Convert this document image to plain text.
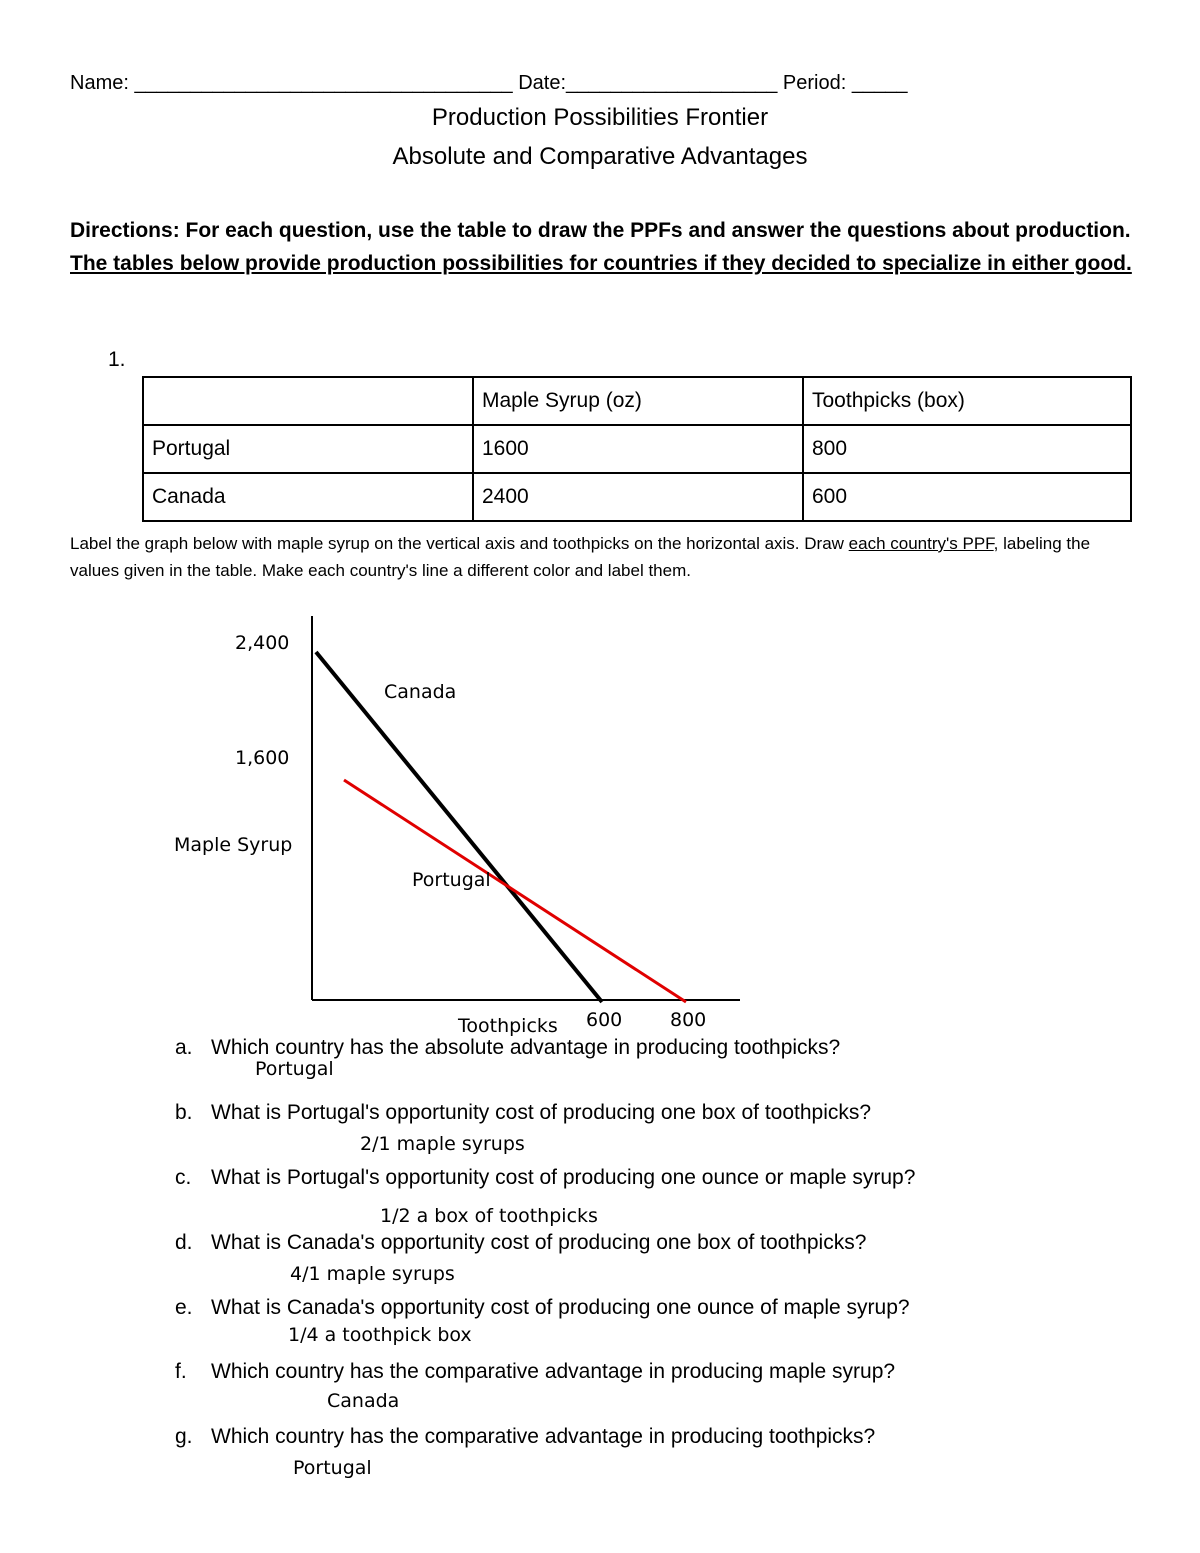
Name: __________________________________ Date:___________________ Period: _____
Production Possibilities Frontier
Absolute and Comparative Advantages
Directions: For each question, use the table to draw the PPFs and answer the questions about production. The tables below provide production possibilities for countries if they decided to specialize in either good.
1.
	Maple Syrup (oz)	Toothpicks (box)
Portugal	1600	800
Canada	2400	600
Label the graph below with maple syrup on the vertical axis and toothpicks on the horizontal axis. Draw each country's PPF, labeling the values given in the table. Make each country's line a different color and label them.
2,400
1,600
Maple Syrup
Canada
Portugal
Toothpicks 600	800
a. Which country has the absolute advantage in producing toothpicks?
Portugal
b. What is Portugal's opportunity cost of producing one box of toothpicks?
2/1 maple syrups
c. What is Portugal's opportunity cost of producing one ounce or maple syrup?
1/2 a box of toothpicks
d. What is Canada's opportunity cost of producing one box of toothpicks?
4/1 maple syrups
e. What is Canada's opportunity cost of producing one ounce of maple syrup?
1/4 a toothpick box
f. Which country has the comparative advantage in producing maple syrup?
Canada
g. Which country has the comparative advantage in producing toothpicks?
Portugal
